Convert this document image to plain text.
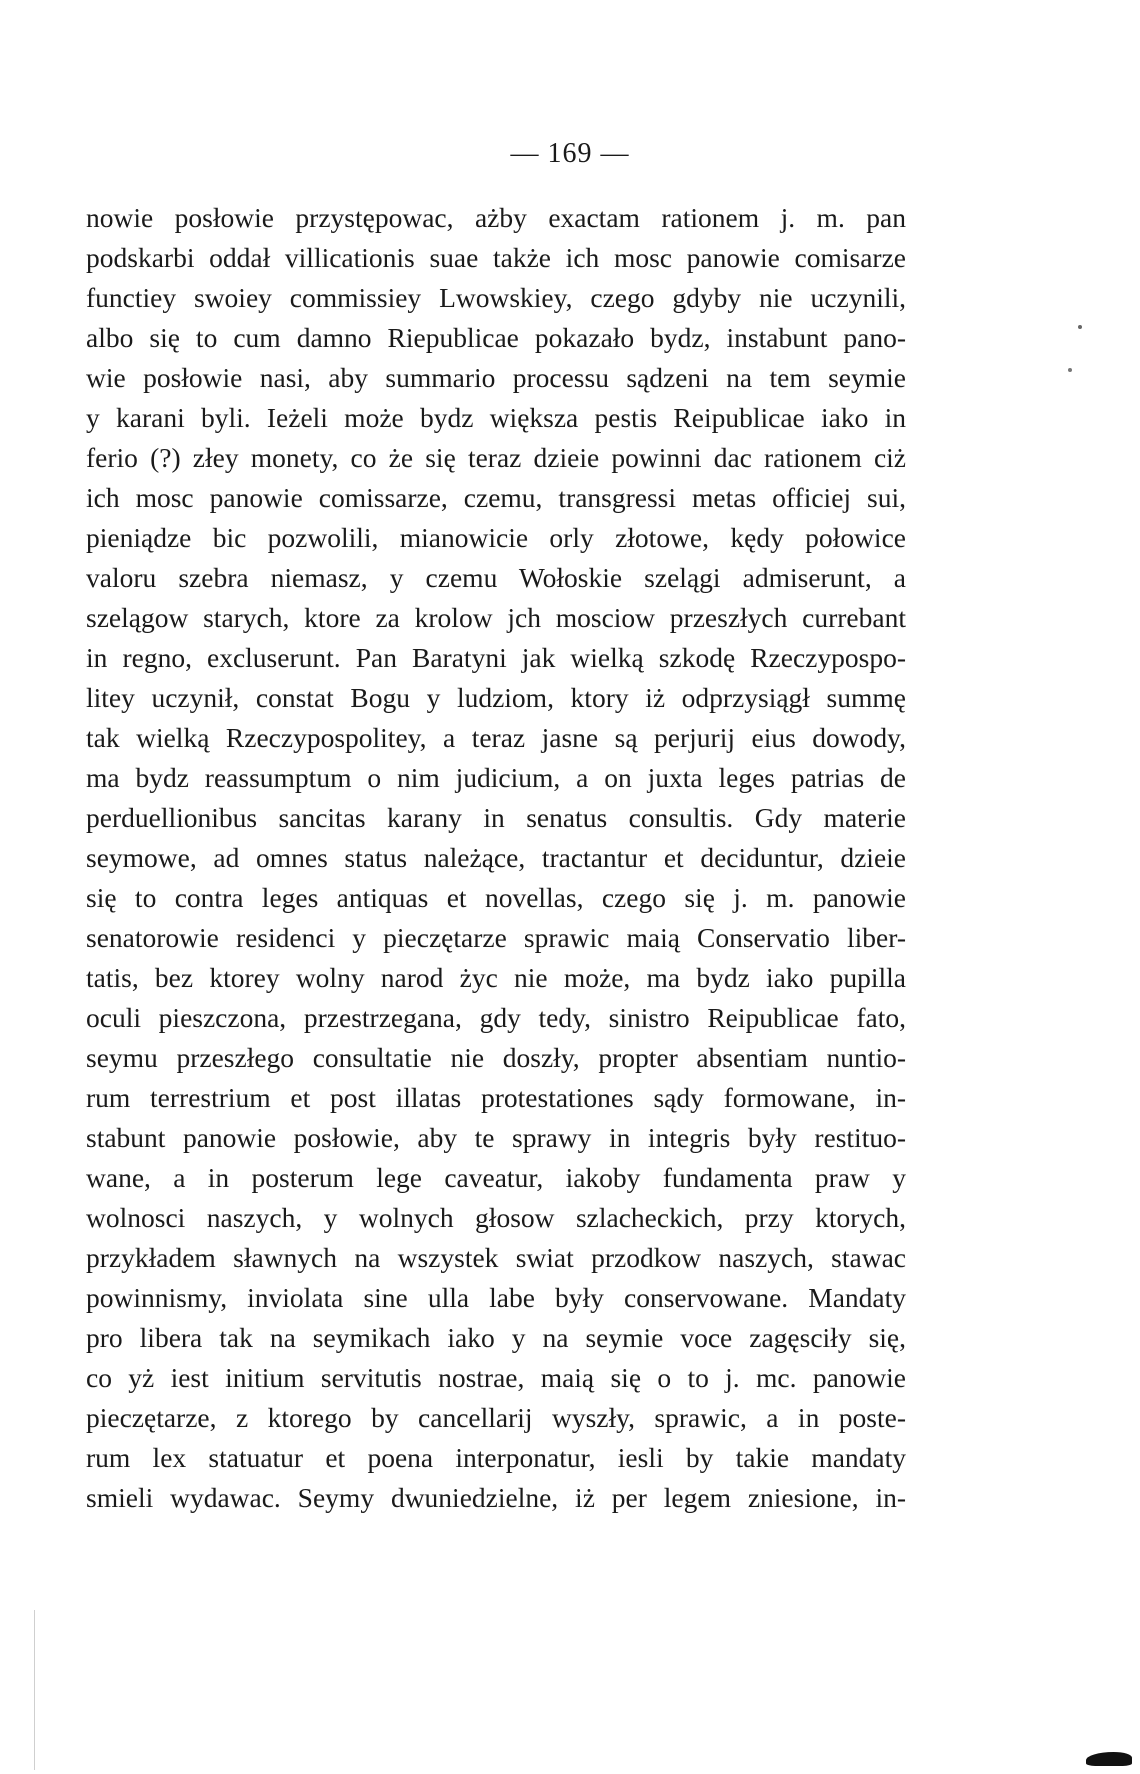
— 169 —
nowie posłowie przystępowac, ażby exactam rationem j. m. pan
podskarbi oddał villicationis suae także ich mosc panowie comisarze
functiey swoiey commissiey Lwowskiey, czego gdyby nie uczynili,
albo się to cum damno Riepublicae pokazało bydz, instabunt pano-
wie posłowie nasi, aby summario processu sądzeni na tem seymie
y karani byli. Ieżeli może bydz większa pestis Reipublicae iako in
ferio (?) złey monety, co że się teraz dzieie powinni dac rationem ciż
ich mosc panowie comissarze, czemu, transgressi metas officiej sui,
pieniądze bic pozwolili, mianowicie orly złotowe, kędy połowice
valoru szebra niemasz, y czemu Wołoskie szelągi admiserunt, a
szelągow starych, ktore za krolow jch mosciow przeszłych currebant
in regno, excluserunt. Pan Baratyni jak wielką szkodę Rzeczypospo-
litey uczynił, constat Bogu y ludziom, ktory iż odprzysiągł summę
tak wielką Rzeczypospolitey, a teraz jasne są perjurij eius dowody,
ma bydz reassumptum o nim judicium, a on juxta leges patrias de
perduellionibus sancitas karany in senatus consultis. Gdy materie
seymowe, ad omnes status należące, tractantur et deciduntur, dzieie
się to contra leges antiquas et novellas, czego się j. m. panowie
senatorowie residenci y pieczętarze sprawic maią Conservatio liber-
tatis, bez ktorey wolny narod życ nie może, ma bydz iako pupilla
oculi pieszczona, przestrzegana, gdy tedy, sinistro Reipublicae fato,
seymu przeszłego consultatie nie doszły, propter absentiam nuntio-
rum terrestrium et post illatas protestationes sądy formowane, in-
stabunt panowie posłowie, aby te sprawy in integris były restituo-
wane, a in posterum lege caveatur, iakoby fundamenta praw y
wolnosci naszych, y wolnych głosow szlacheckich, przy ktorych,
przykładem sławnych na wszystek swiat przodkow naszych, stawac
powinnismy, inviolata sine ulla labe były conservowane. Mandaty
pro libera tak na seymikach iako y na seymie voce zagęsciły się,
co yż iest initium servitutis nostrae, maią się o to j. mc. panowie
pieczętarze, z ktorego by cancellarij wyszły, sprawic, a in poste-
rum lex statuatur et poena interponatur, iesli by takie mandaty
smieli wydawac. Seymy dwuniedzielne, iż per legem zniesione, in-
